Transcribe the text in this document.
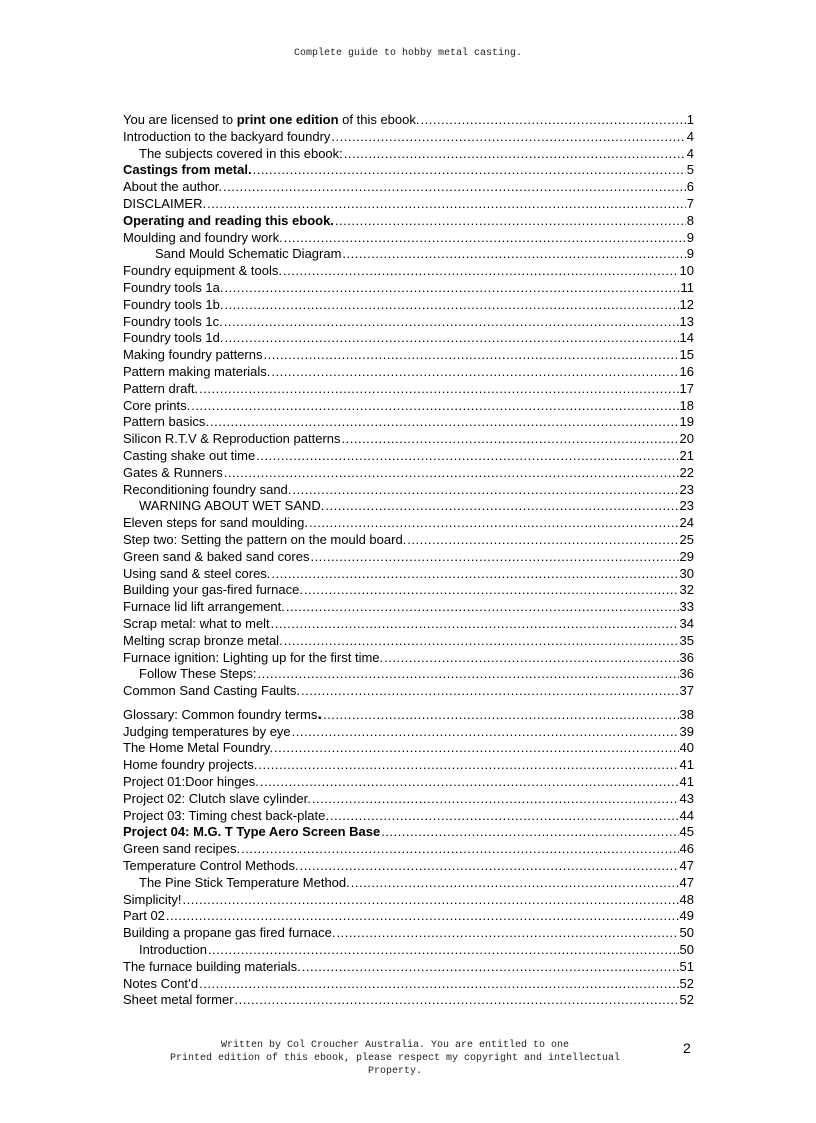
Complete guide to hobby metal casting.
You are licensed to print one edition of this ebook. .....	1
Introduction to the backyard foundry .....	4
The subjects covered in this ebook: .....	4
Castings from metal. .....	5
About the author. .....	6
DISCLAIMER. .....	7
Operating and reading this ebook. .....	8
Moulding and foundry work. .....	9
Sand Mould Schematic Diagram .....	9
Foundry equipment & tools. .....	10
Foundry tools 1a. .....	11
Foundry tools 1b. .....	12
Foundry tools 1c. .....	13
Foundry tools 1d. .....	14
Making foundry patterns .....	15
Pattern making materials. .....	16
Pattern draft. .....	17
Core prints. .....	18
Pattern basics. .....	19
Silicon R.T.V & Reproduction patterns .....	20
Casting shake out time .....	21
Gates & Runners .....	22
Reconditioning foundry sand. .....	23
WARNING ABOUT WET SAND. .....	23
Eleven steps for sand moulding. .....	24
Step two: Setting the pattern on the mould board. .....	25
Green sand & baked sand cores .....	29
Using sand & steel cores. .....	30
Building your gas-fired furnace. .....	32
Furnace lid lift arrangement. .....	33
Scrap metal: what to melt .....	34
Melting scrap bronze metal. .....	35
Furnace ignition: Lighting up for the first time. .....	36
Follow These Steps: .....	36
Common Sand Casting Faults. .....	37
Glossary: Common foundry terms. .....	38
Judging temperatures by eye .....	39
The Home Metal Foundry. .....	40
Home foundry projects. .....	41
Project 01:Door hinges. .....	41
Project 02: Clutch slave cylinder. .....	43
Project 03: Timing chest back-plate. .....	44
Project 04: M.G. T Type Aero Screen Base .....	45
Green sand recipes. .....	46
Temperature Control Methods. .....	47
The Pine Stick Temperature Method. .....	47
Simplicity! .....	48
Part 02 .....	49
Building a propane gas fired furnace. .....	50
Introduction .....	50
The furnace building materials. .....	51
Notes Cont’d .....	52
Sheet metal former .....	52
Written by Col Croucher Australia. You are entitled to one
Printed edition of this ebook, please respect my copyright and intellectual
Property.
2
